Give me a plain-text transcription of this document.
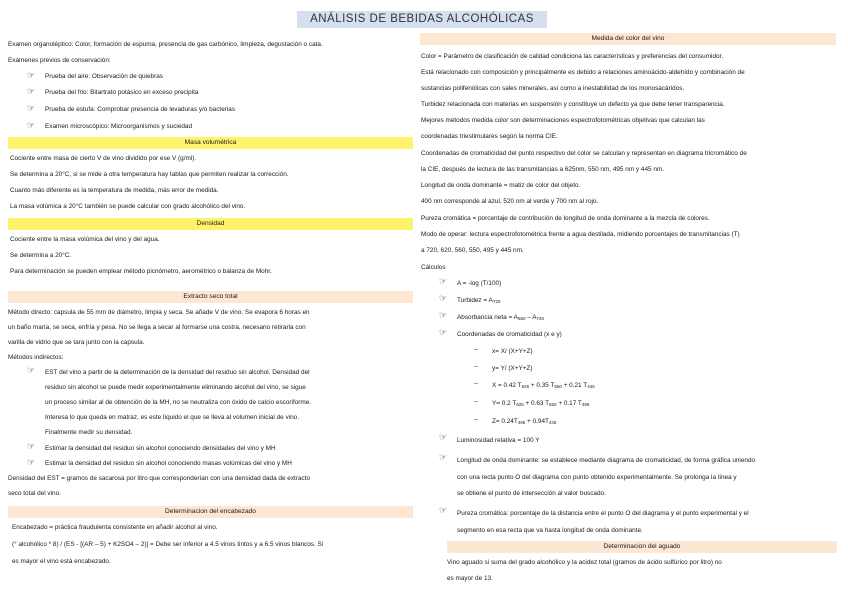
ANÁLISIS DE BEBIDAS ALCOHÓLICAS
Examen organoléptico: Color, formación de espuma, presencia de gas carbónico, limpieza, degustación o cata.
Exámenes previos de conservación:
☞ Prueba del aire: Observación de quiebras
☞ Prueba del frio: Bitartrato potásico en exceso precipita
☞ Prueba de estufa: Comprobar presencia de levaduras y/o bacterias
☞ Examen microscópico: Microorganismos y suciedad
Masa volumétrica
Cociente entre masa de cierto V de vino dividido por ese V (g/ml).
Se determina a 20°C, si se mide a otra temperatura hay tablas que permiten realizar la corrección.
Cuanto más diferente es la temperatura de medida, más error de medida.
La masa volúmica a 20°C también se puede calcular con grado alcohólico del vino.
Densidad
Cociente entre la masa volúmica del vino y del agua.
Se determina a 20°C.
Para determinación se pueden emplear método picnómetro, aerométrico o balanza de Mohr.
Extracto seco total
Método directo: capsula de 55 mm de diámetro, limpia y seca. Se añade V de vino. Se evapora 6 horas en
un baño maría, se seca, enfría y pesa. No se llega a secar al formarse una costra, necesario retirarla con
varilla de vidrio que se tara junto con la capsula.
Métodos indirectos:
☞ EST del vino a partir de la determinación de la densidad del residuo sin alcohol. Densidad del
residuo sin alcohol se puede medir experimentalmente eliminando alcohol del vino, se sigue
un proceso similar al de obtención de la MH, no se neutraliza con óxido de calcio escoriforme.
Interesa lo que queda en matraz, es este líquido el que se lleva al volumen inicial de vino.
Finalmente medir su densidad.
☞ Estimar la densidad del residuo sin alcohol conociendo densidades del vino y MH
☞ Estimar la densidad del residuo sin alcohol conociendo masas volúmicas del vino y MH
Densidad del EST = gramos de sacarosa por litro que corresponderían con una densidad dada de extracto
seco total del vino.
Determinacion del encabezado
Encabezado = práctica fraudulenta consistente en añadir alcohol al vino.
(° alcohólico * 8) / (ES - [(AR – 5) + K2SO4 – 2)] = Debe ser inferior a 4.5 vinos tintos y a 6.5 vinos blancos. Si
es mayor el vino está encabezado.
Medida del color del vino
Color = Parámetro de clasificación de calidad condiciona las características y preferencias del consumidor.
Está relacionado con composición y principalmente es debido a relaciones aminoácido-aldehído y combinación de
sustancias polifenólicas con sales minerales, así como a inestabilidad de los monosacáridos.
Turbidez relacionada con materias en suspensión y constituye un defecto ya que debe tener transparencia.
Mejores métodos medida color son determinaciones espectrofotométricas objetivas que calculan las
coordenadas triestimulares según la norma CIE.
Coordenadas de cromaticidad del punto respectivo del color se calculan y representan en diagrama tricromático de
la CIE, después de lectura de las transmitancias a 625nm, 550 nm, 495 nm y 445 nm.
Longitud de onda dominante = matiz de color del objeto.
400 nm corresponde al azul, 520 nm al verde y 700 nm al rojo.
Pureza cromática = porcentaje de contribución de longitud de onda dominante a la mezcla de colores.
Modo de operar: lectura espectrofotométrica frente a agua destilada, midiendo porcentajes de transmitancias (T)
a 720, 620, 560, 550, 495 y 445 nm.
Cálculos
☞ A = -log (T/100)
☞ Turbidez = $A_{720}$
☞ Absorbancia neta = $A_{560} - A_{720}$
☞ Coordenadas de cromaticidad (x e y)
~ x= X/ (X+Y+Z)
~ y= Y/ (X+Y+Z)
~ X = 0.42 $T_{625} + 0.35$ $T_{550} + 0.21$ $T_{445}$
~ Y= 0.2 $T_{625} + 0.63$ $T_{550} + 0.17$ $T_{495}$
~ $Z= 0.24T_{495} + 0.94T_{445}$
☞ Luminosidad relativa = 100 Y
☞ Longitud de onda dominante: se establece mediante diagrama de cromaticidad, de forma gráfica uniendo
con una recta punto O del diagrama con punto obtenido experimentalmente. Se prolonga la línea y
se obtiene el punto de intersección al valor buscado.
☞ Pureza cromática: porcentaje de la distancia entre el punto O del diagrama y el punto experimental y el
segmento en esa recta que va hasta longitud de onda dominante.
Determinacion del aguado
Vino aguado si suma del grado alcohólico y la acidez total (gramos de ácido sulfúrico por litro) no
es mayor de 13.
